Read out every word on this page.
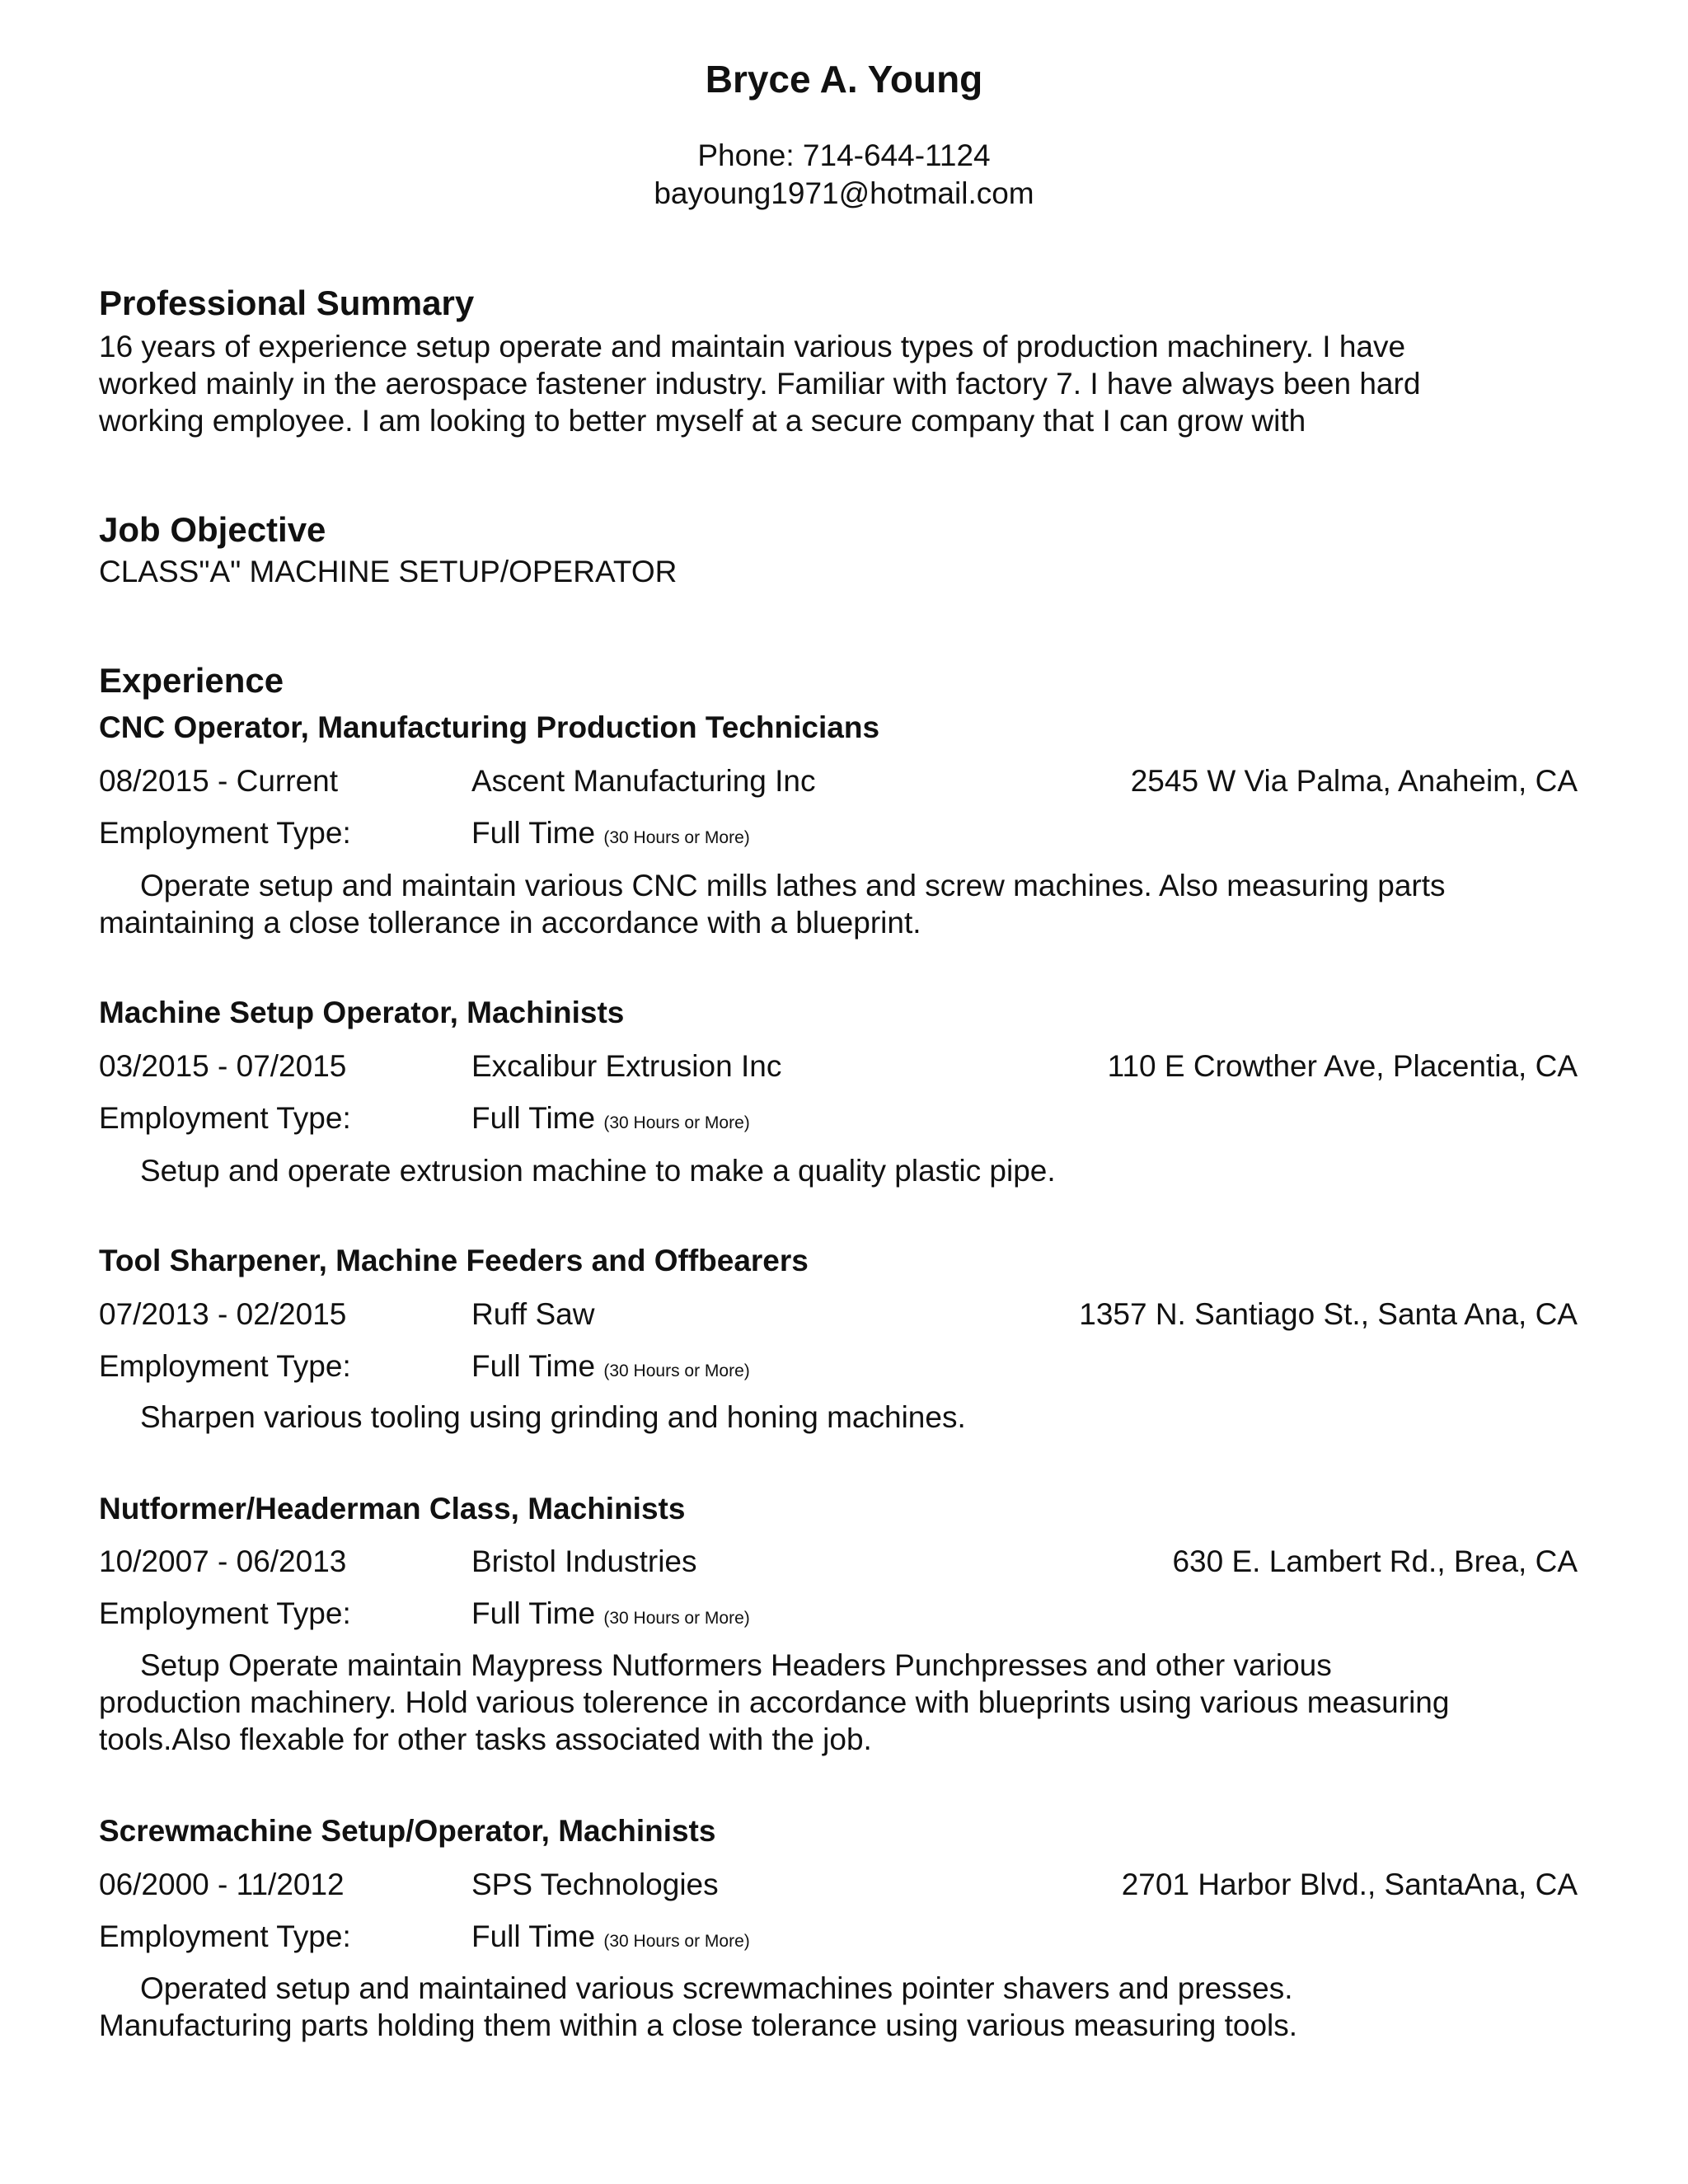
Bryce A. Young
Phone: 714-644-1124
bayoung1971@hotmail.com
Professional Summary
16 years of experience setup operate and maintain various types of production machinery. I have
worked mainly in the aerospace fastener industry. Familiar with factory 7. I have always been hard
working employee. I am looking to better myself at a secure company that I can grow with
Job Objective
CLASS"A" MACHINE SETUP/OPERATOR
Experience
CNC Operator, Manufacturing Production Technicians
08/2015 - Current	Ascent Manufacturing Inc	2545 W Via Palma, Anaheim, CA
Employment Type:	Full Time (30 Hours or More)
Operate setup and maintain various CNC mills lathes and screw machines. Also measuring parts
maintaining a close tollerance in accordance with a blueprint.
Machine Setup Operator, Machinists
03/2015 - 07/2015	Excalibur Extrusion Inc	110 E Crowther Ave, Placentia, CA
Employment Type:	Full Time (30 Hours or More)
Setup and operate extrusion machine to make a quality plastic pipe.
Tool Sharpener, Machine Feeders and Offbearers
07/2013 - 02/2015	Ruff Saw	1357 N. Santiago St., Santa Ana, CA
Employment Type:	Full Time (30 Hours or More)
Sharpen various tooling using grinding and honing machines.
Nutformer/Headerman Class, Machinists
10/2007 - 06/2013	Bristol Industries	630 E. Lambert Rd., Brea, CA
Employment Type:	Full Time (30 Hours or More)
Setup Operate maintain Maypress Nutformers Headers Punchpresses and other various
production machinery. Hold various tolerence in accordance with blueprints using various measuring
tools.Also flexable for other tasks associated with the job.
Screwmachine Setup/Operator, Machinists
06/2000 - 11/2012	SPS Technologies	2701 Harbor Blvd., SantaAna, CA
Employment Type:	Full Time (30 Hours or More)
Operated setup and maintained various screwmachines pointer shavers and presses.
Manufacturing parts holding them within a close tolerance using various measuring tools.
